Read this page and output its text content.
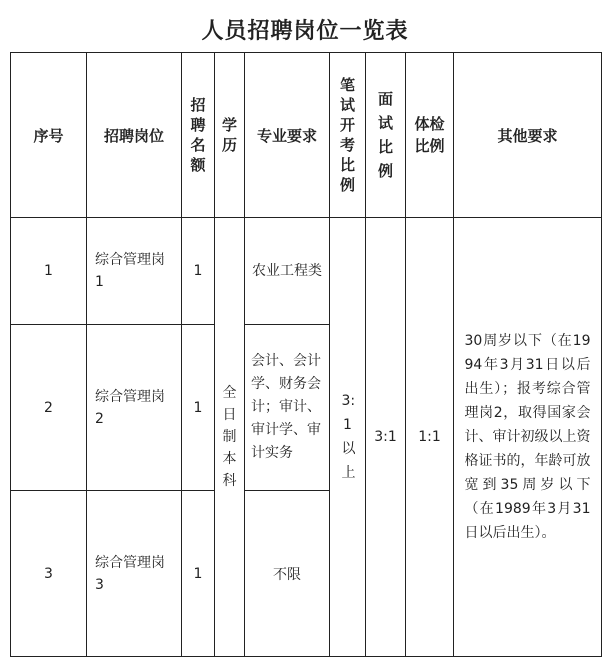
人员招聘岗位一览表
序号	招聘岗位	招聘名额	学历	专业要求	笔试开考比例	面试比例	体检比例	其他要求
1	综合管理岗1	1	全日制本科	农业工程类	3:1以上	3:1	1:1	30周岁以下（在1994年3月31日以后出生）；报考综合管理岗2，取得国家会计、审计初级以上资格证书的，年龄可放宽到35周岁以下（在1989年3月31日以后出生）。
2	综合管理岗2	1		会计、会计学、财务会计；审计、审计学、审计实务				
3	综合管理岗3	1		不限				
